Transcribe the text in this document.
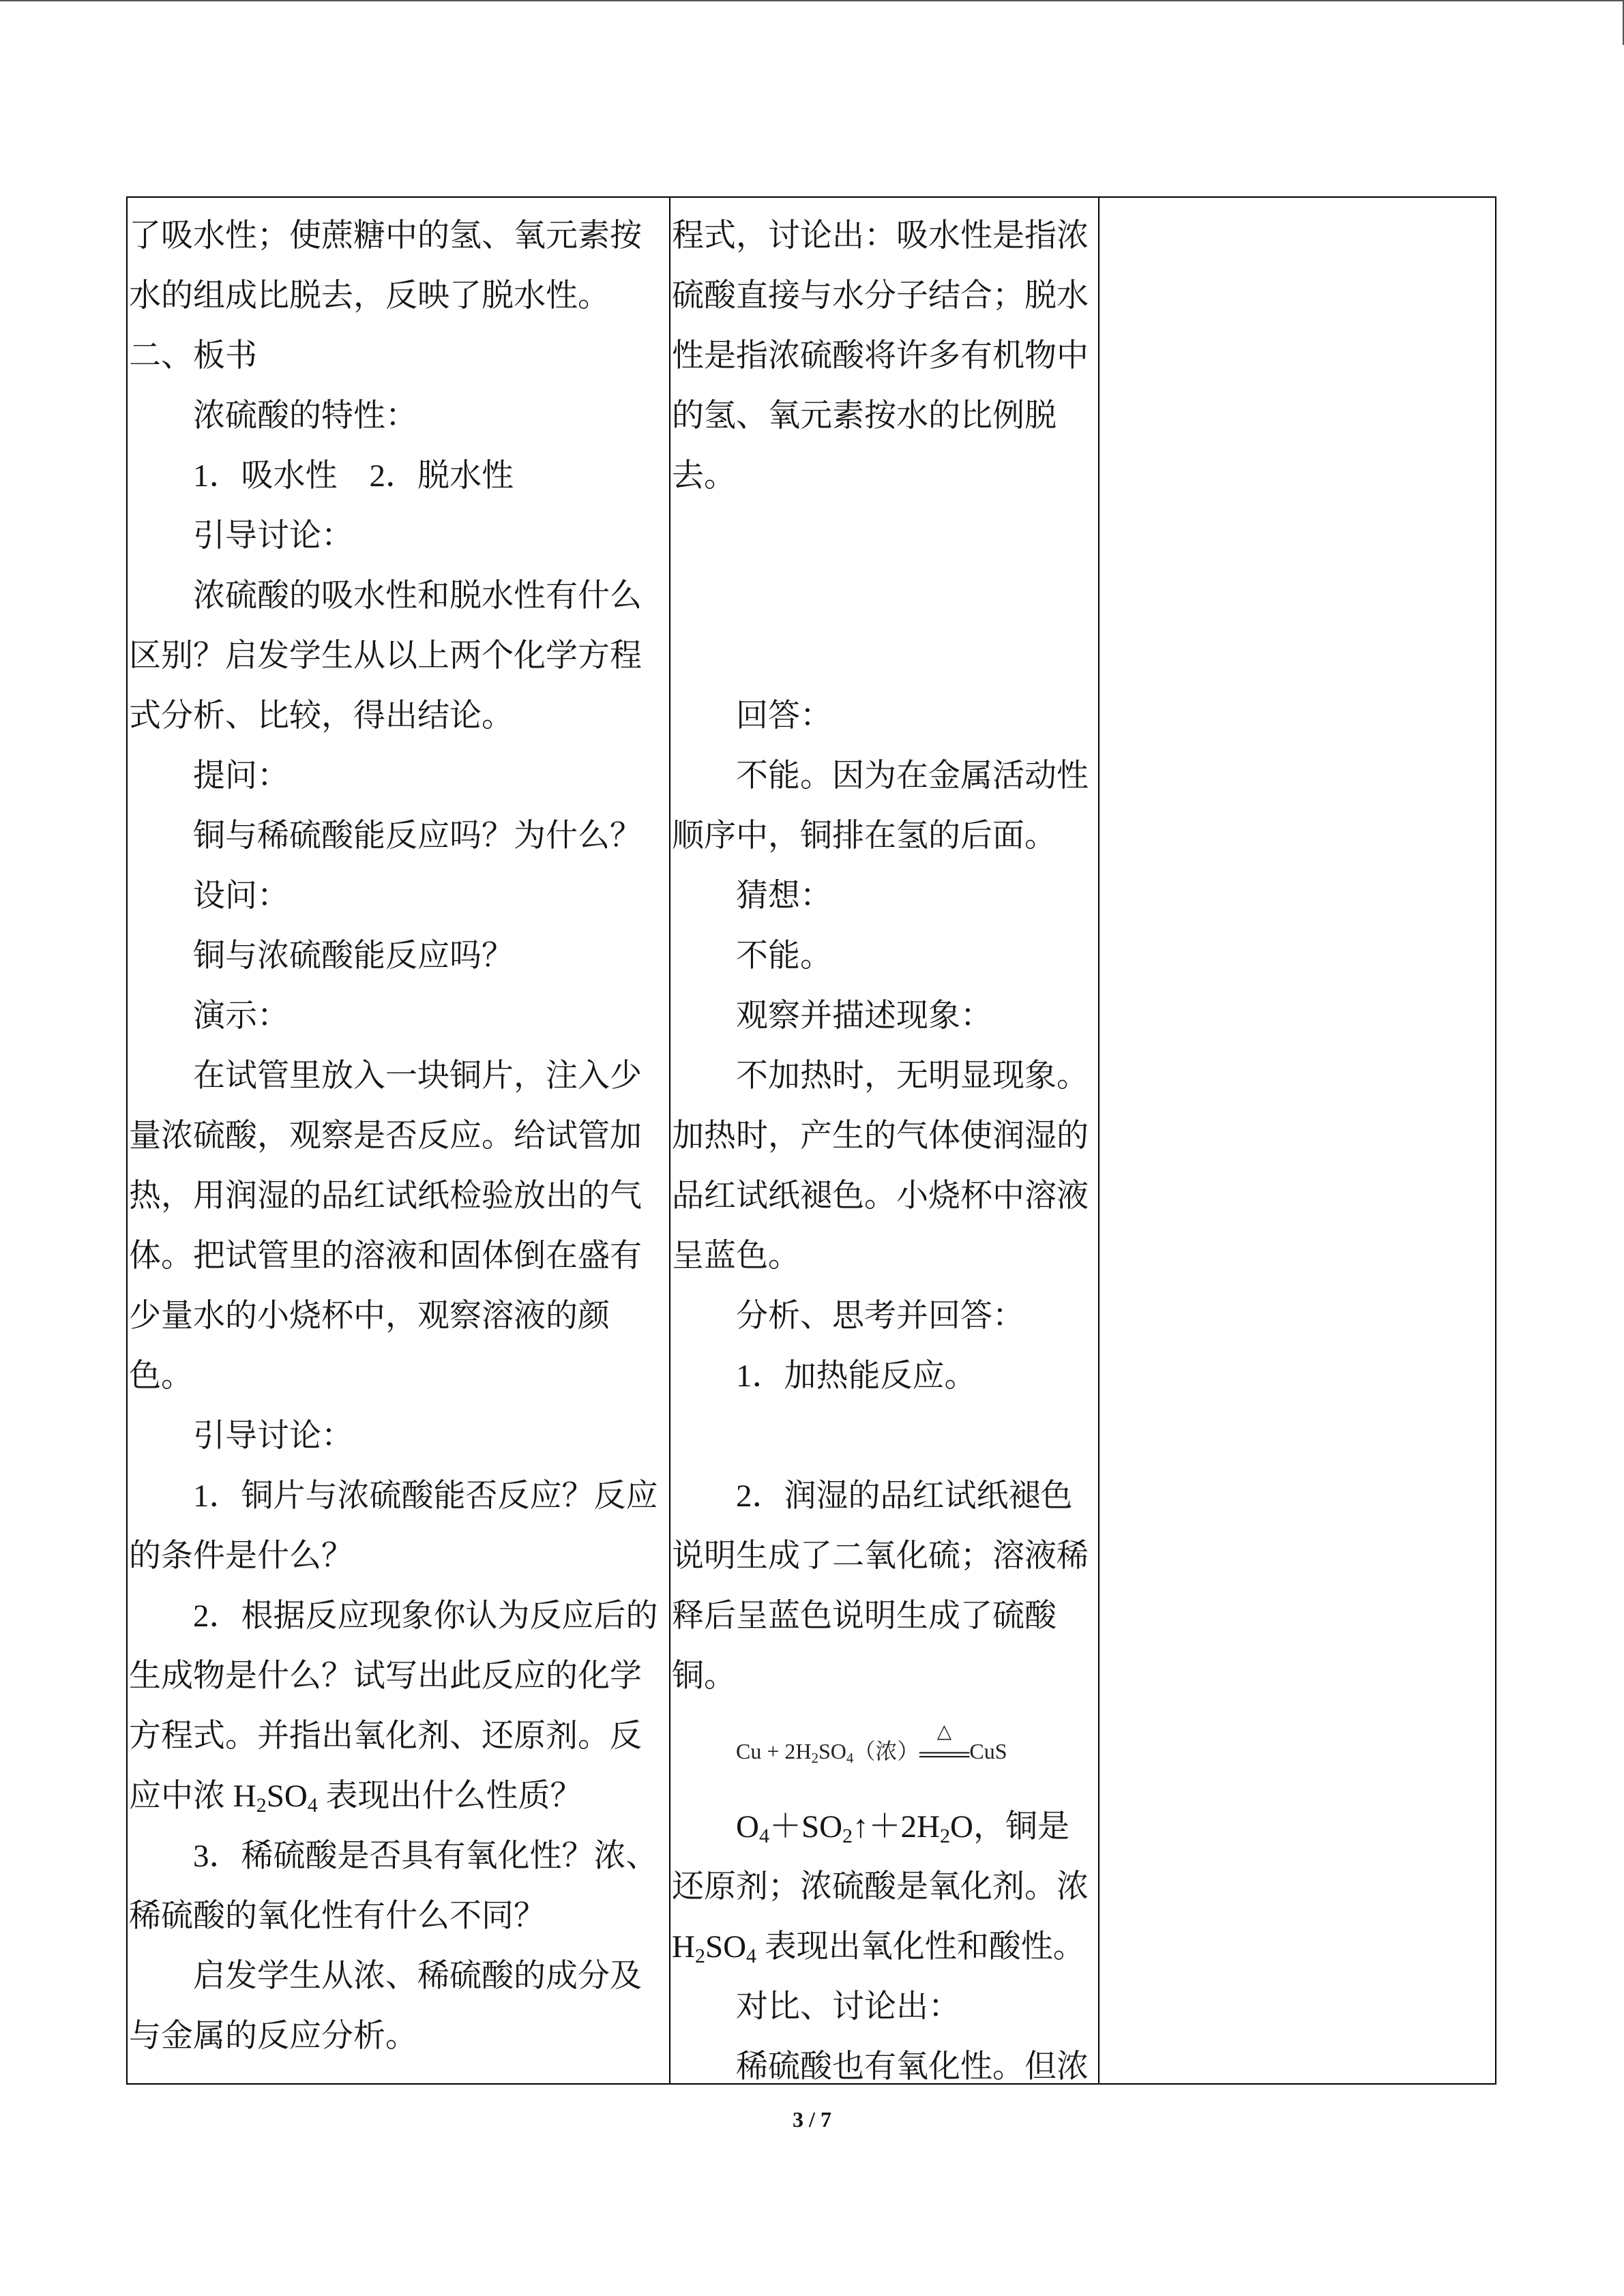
了吸水性；使蔗糖中的氢、氧元素按
水的组成比脱去，反映了脱水性。
二、板书
浓硫酸的特性：
1．吸水性　2．脱水性
引导讨论：
浓硫酸的吸水性和脱水性有什么
区别？启发学生从以上两个化学方程
式分析、比较，得出结论。
提问：
铜与稀硫酸能反应吗？为什么？
设问：
铜与浓硫酸能反应吗？
演示：
在试管里放入一块铜片，注入少
量浓硫酸，观察是否反应。给试管加
热，用润湿的品红试纸检验放出的气
体。把试管里的溶液和固体倒在盛有
少量水的小烧杯中，观察溶液的颜
色。
引导讨论：
1．铜片与浓硫酸能否反应？反应
的条件是什么？
2．根据反应现象你认为反应后的
生成物是什么？试写出此反应的化学
方程式。并指出氧化剂、还原剂。反
应中浓 $H_2SO_4$ 表现出什么性质？
3．稀硫酸是否具有氧化性？浓、
稀硫酸的氧化性有什么不同？
启发学生从浓、稀硫酸的成分及
与金属的反应分析。
程式，讨论出：吸水性是指浓
硫酸直接与水分子结合；脱水
性是指浓硫酸将许多有机物中
的氢、氧元素按水的比例脱
去。
回答：
不能。因为在金属活动性
顺序中，铜排在氢的后面。
猜想：
不能。
观察并描述现象：
不加热时，无明显现象。
加热时，产生的气体使润湿的
品红试纸褪色。小烧杯中溶液
呈蓝色。
分析、思考并回答：
1．加热能反应。
2．润湿的品红试纸褪色
说明生成了二氧化硫；溶液稀
释后呈蓝色说明生成了硫酸
铜。
$Cu + 2H_2SO_4$（浓）
△
═CuS
$O_4+SO_2↑+2H_2O$，铜是
还原剂；浓硫酸是氧化剂。浓
$H_2SO_4$ 表现出氧化性和酸性。
对比、讨论出：
稀硫酸也有氧化性。但浓
3 / 7
